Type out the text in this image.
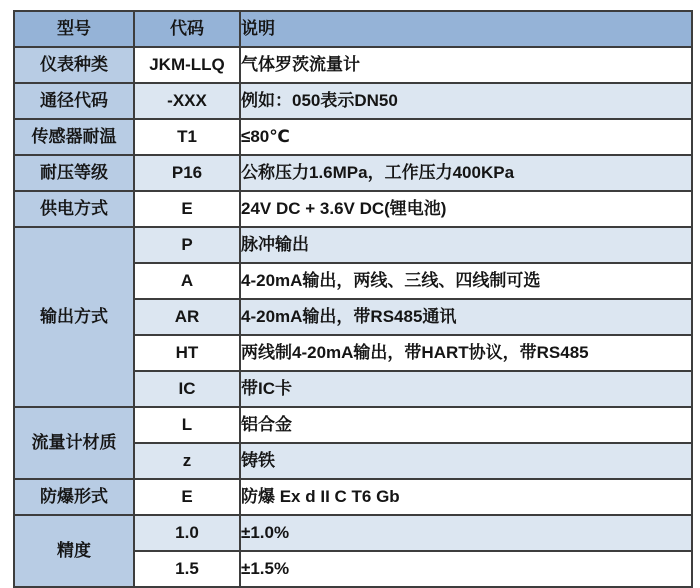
型号	代码	说明
仪表种类	JKM-LLQ	气体罗茨流量计
通径代码	-XXX	例如：050表示DN50
传感器耐温	T1	≤80℃
耐压等级	P16	公称压力1.6MPa，工作压力400KPa
供电方式	E	24V DC + 3.6V DC(锂电池)
输出方式	P	脉冲输出
	A	4-20mA输出，两线、三线、四线制可选
	AR	4-20mA输出，带RS485通讯
	HT	两线制4-20mA输出，带HART协议，带RS485
	IC	带IC卡
流量计材质	L	铝合金
	z	铸铁
防爆形式	E	防爆 Ex d II C T6 Gb
精度	1.0	±1.0%
	1.5	±1.5%
